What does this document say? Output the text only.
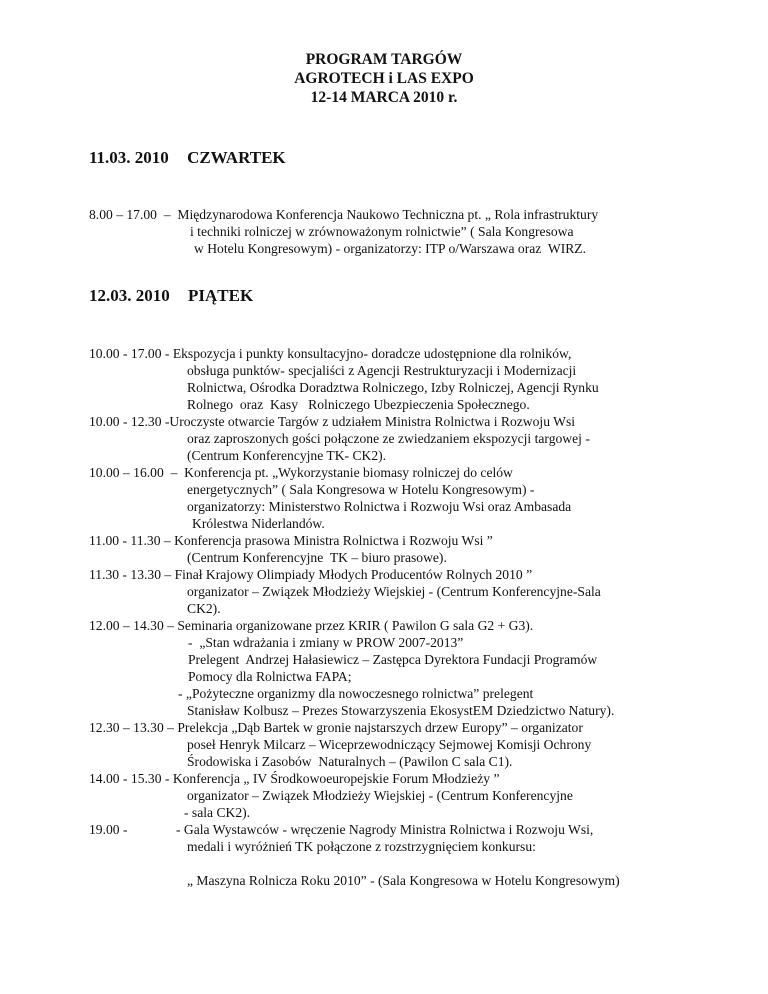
PROGRAM TARGÓW
AGROTECH i LAS EXPO
12-14 MARCA 2010 r.
11.03. 2010 CZWARTEK
8.00 – 17.00  –  Międzynarodowa Konferencja Naukowo Techniczna pt. „ Rola infrastruktury
i techniki rolniczej w zrównoważonym rolnictwie” ( Sala Kongresowa
w Hotelu Kongresowym) - organizatorzy: ITP o/Warszawa oraz  WIRZ.
12.03. 2010 PIĄTEK
10.00 - 17.00 - Ekspozycja i punkty konsultacyjno- doradcze udostępnione dla rolników,
obsługa punktów- specjaliści z Agencji Restrukturyzacji i Modernizacji
Rolnictwa, Ośrodka Doradztwa Rolniczego, Izby Rolniczej, Agencji Rynku
Rolnego  oraz  Kasy   Rolniczego Ubezpieczenia Społecznego.
10.00 - 12.30 -Uroczyste otwarcie Targów z udziałem Ministra Rolnictwa i Rozwoju Wsi
oraz zaproszonych gości połączone ze zwiedzaniem ekspozycji targowej -
(Centrum Konferencyjne TK- CK2).
10.00 – 16.00  –  Konferencja pt. „Wykorzystanie biomasy rolniczej do celów
energetycznych” ( Sala Kongresowa w Hotelu Kongresowym) -
organizatorzy: Ministerstwo Rolnictwa i Rozwoju Wsi oraz Ambasada
Królestwa Niderlandów.
11.00 - 11.30 – Konferencja prasowa Ministra Rolnictwa i Rozwoju Wsi ”
(Centrum Konferencyjne  TK – biuro prasowe).
11.30 - 13.30 – Finał Krajowy Olimpiady Młodych Producentów Rolnych 2010 ”
organizator – Związek Młodzieży Wiejskiej - (Centrum Konferencyjne-Sala
CK2).
12.00 – 14.30 – Seminaria organizowane przez KRIR ( Pawilon G sala G2 + G3).
-  „Stan wdrażania i zmiany w PROW 2007-2013”
Prelegent  Andrzej Hałasiewicz – Zastępca Dyrektora Fundacji Programów
Pomocy dla Rolnictwa FAPA;
- „Pożyteczne organizmy dla nowoczesnego rolnictwa” prelegent
Stanisław Kolbusz – Prezes Stowarzyszenia EkosystEM Dziedzictwo Natury).
12.30 – 13.30 – Prelekcja „Dąb Bartek w gronie najstarszych drzew Europy” – organizator
poseł Henryk Milcarz – Wiceprzewodniczący Sejmowej Komisji Ochrony
Środowiska i Zasobów  Naturalnych – (Pawilon C sala C1).
14.00 - 15.30 - Konferencja „ IV Środkowoeuropejskie Forum Młodzieży ”
organizator – Związek Młodzieży Wiejskiej - (Centrum Konferencyjne
- sala CK2).
19.00 -	- Gala Wystawców - wręczenie Nagrody Ministra Rolnictwa i Rozwoju Wsi,
medali i wyróżnień TK połączone z rozstrzygnięciem konkursu:
„ Maszyna Rolnicza Roku 2010” - (Sala Kongresowa w Hotelu Kongresowym)
